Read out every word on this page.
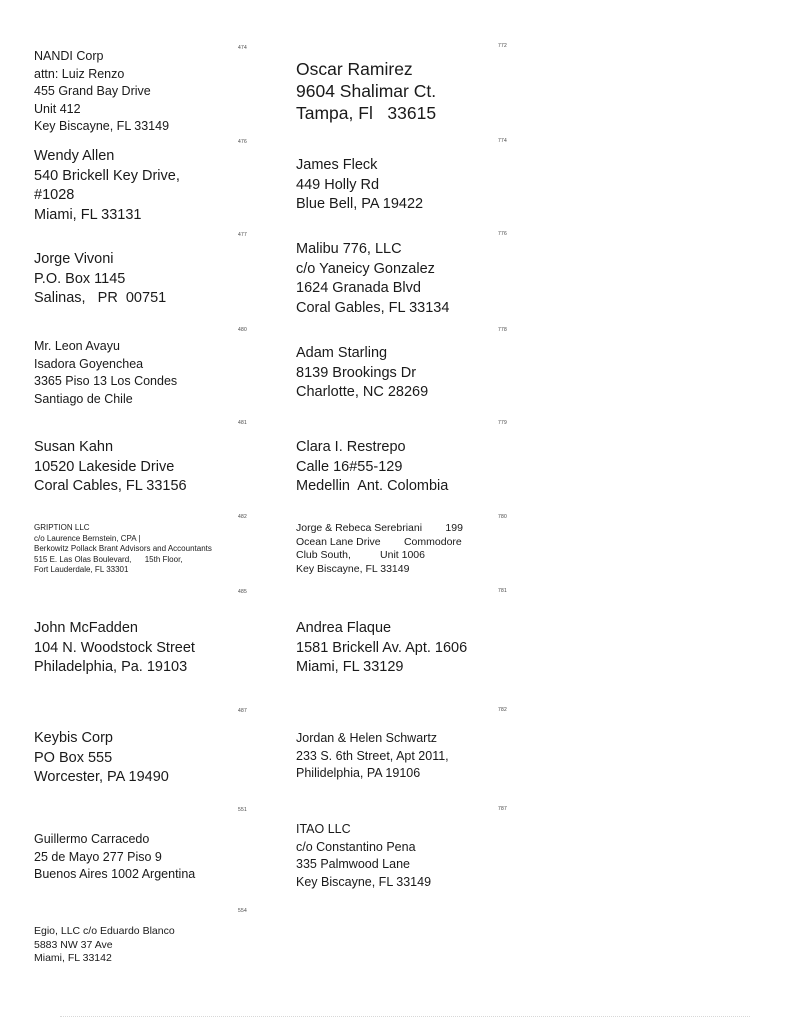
474
NANDI Corp
attn: Luiz Renzo
455 Grand Bay Drive
Unit 412
Key Biscayne, FL 33149
476
Wendy Allen
540 Brickell Key Drive,
#1028
Miami, FL 33131
477
Jorge Vivoni
P.O. Box 1145
Salinas,   PR  00751
480
Mr. Leon Avayu
Isadora Goyenchea
3365 Piso 13 Los Condes
Santiago de Chile
481
Susan Kahn
10520 Lakeside Drive
Coral Cables, FL 33156
482
GRIPTION LLC
c/o Laurence Bernstein, CPA |
Berkowitz Pollack Brant Advisors and Accountants
515 E. Las Olas Boulevard,      15th Floor,
Fort Lauderdale, FL 33301
485
John McFadden
104 N. Woodstock Street
Philadelphia, Pa. 19103
487
Keybis Corp
PO Box 555
Worcester, PA 19490
551
Guillermo Carracedo
25 de Mayo 277 Piso 9
Buenos Aires 1002 Argentina
554
Egio, LLC c/o Eduardo Blanco
5883 NW 37 Ave
Miami, FL 33142
772
Oscar Ramirez
9604 Shalimar Ct.
Tampa, Fl   33615
774
James Fleck
449 Holly Rd
Blue Bell, PA 19422
776
Malibu 776, LLC
c/o Yaneicy Gonzalez
1624 Granada Blvd
Coral Gables, FL 33134
778
Adam Starling
8139 Brookings Dr
Charlotte, NC 28269
779
Clara I. Restrepo
Calle 16#55-129
Medellin  Ant. Colombia
780
Jorge & Rebeca Serebriani        199
Ocean Lane Drive        Commodore
Club South,          Unit 1006
Key Biscayne, FL 33149
781
Andrea Flaque
1581 Brickell Av. Apt. 1606
Miami, FL 33129
782
Jordan & Helen Schwartz
233 S. 6th Street, Apt 2011,
Philidelphia, PA 19106
787
ITAO LLC
c/o Constantino Pena
335 Palmwood Lane
Key Biscayne, FL 33149
